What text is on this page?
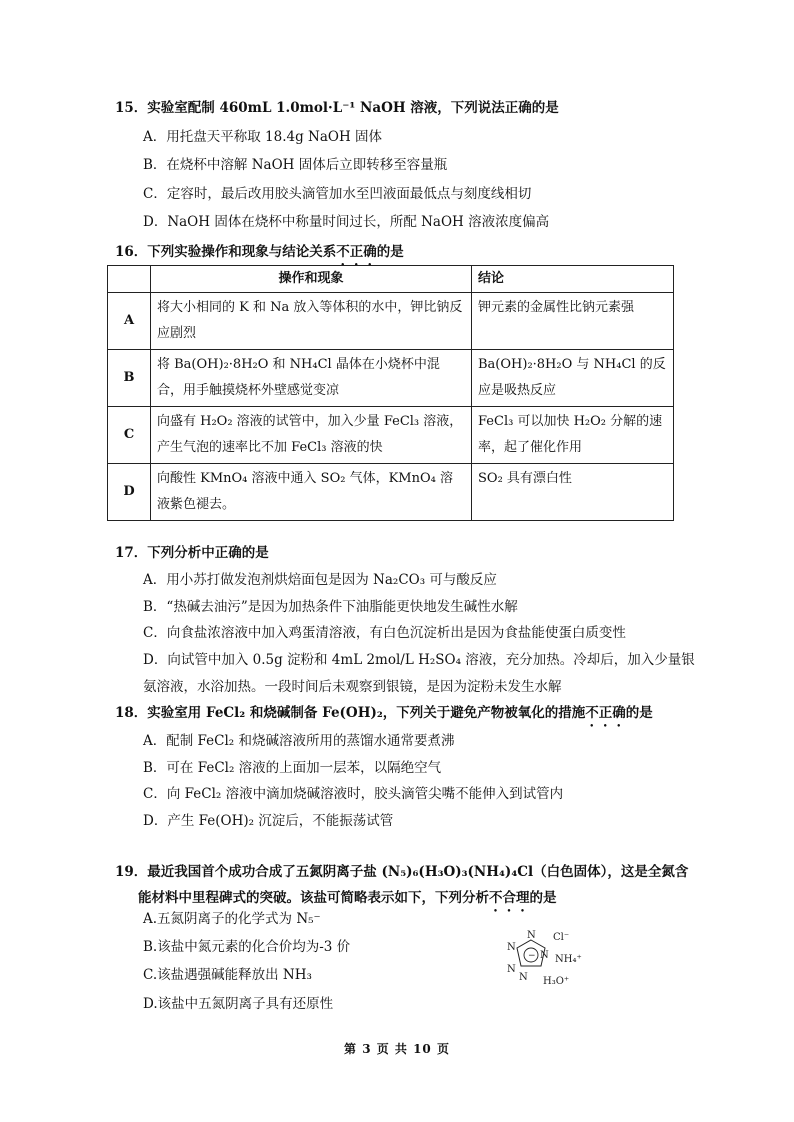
15．实验室配制 460mL 1.0mol·L⁻¹ NaOH 溶液，下列说法正确的是
A．用托盘天平称取 18.4g NaOH 固体
B．在烧杯中溶解 NaOH 固体后立即转移至容量瓶
C．定容时，最后改用胶头滴管加水至凹液面最低点与刻度线相切
D．NaOH 固体在烧杯中称量时间过长，所配 NaOH 溶液浓度偏高
16．下列实验操作和现象与结论关系不正确的是
	操作和现象	结论
A	将大小相同的 K 和 Na 放入等体积的水中，钾比钠反应剧烈	钾元素的金属性比钠元素强
B	将 Ba(OH)₂·8H₂O 和 NH₄Cl 晶体在小烧杯中混合，用手触摸烧杯外壁感觉变凉	Ba(OH)₂·8H₂O 与 NH₄Cl 的反应是吸热反应
C	向盛有 H₂O₂ 溶液的试管中，加入少量 FeCl₃ 溶液，产生气泡的速率比不加 FeCl₃ 溶液的快	FeCl₃ 可以加快 H₂O₂ 分解的速率，起了催化作用
D	向酸性 KMnO₄ 溶液中通入 SO₂ 气体，KMnO₄ 溶液紫色褪去。	SO₂ 具有漂白性
17．下列分析中正确的是
A．用小苏打做发泡剂烘焙面包是因为 Na₂CO₃ 可与酸反应
B．“热碱去油污”是因为加热条件下油脂能更快地发生碱性水解
C．向食盐浓溶液中加入鸡蛋清溶液，有白色沉淀析出是因为食盐能使蛋白质变性
D．向试管中加入 0.5g 淀粉和 4mL 2mol/L H₂SO₄ 溶液，充分加热。冷却后，加入少量银
氨溶液，水浴加热。一段时间后未观察到银镜，是因为淀粉未发生水解
18．实验室用 FeCl₂ 和烧碱制备 Fe(OH)₂，下列关于避免产物被氧化的措施不正确的是
A．配制 FeCl₂ 和烧碱溶液所用的蒸馏水通常要煮沸
B．可在 FeCl₂ 溶液的上面加一层苯，以隔绝空气
C．向 FeCl₂ 溶液中滴加烧碱溶液时，胶头滴管尖嘴不能伸入到试管内
D．产生 Fe(OH)₂ 沉淀后，不能振荡试管
19．最近我国首个成功合成了五氮阴离子盐 (N₅)₆(H₃O)₃(NH₄)₄Cl（白色固体），这是全氮含
能材料中里程碑式的突破。该盐可简略表示如下，下列分析不合理的是
A.五氮阴离子的化学式为 N₅⁻
B.该盐中氮元素的化合价均为-3 价
C.该盐遇强碱能释放出 NH₃
D.该盐中五氮阴离子具有还原性
−
N
N
N
N
N
Cl⁻
NH₄⁺
H₃O⁺
第 3 页 共 10 页
